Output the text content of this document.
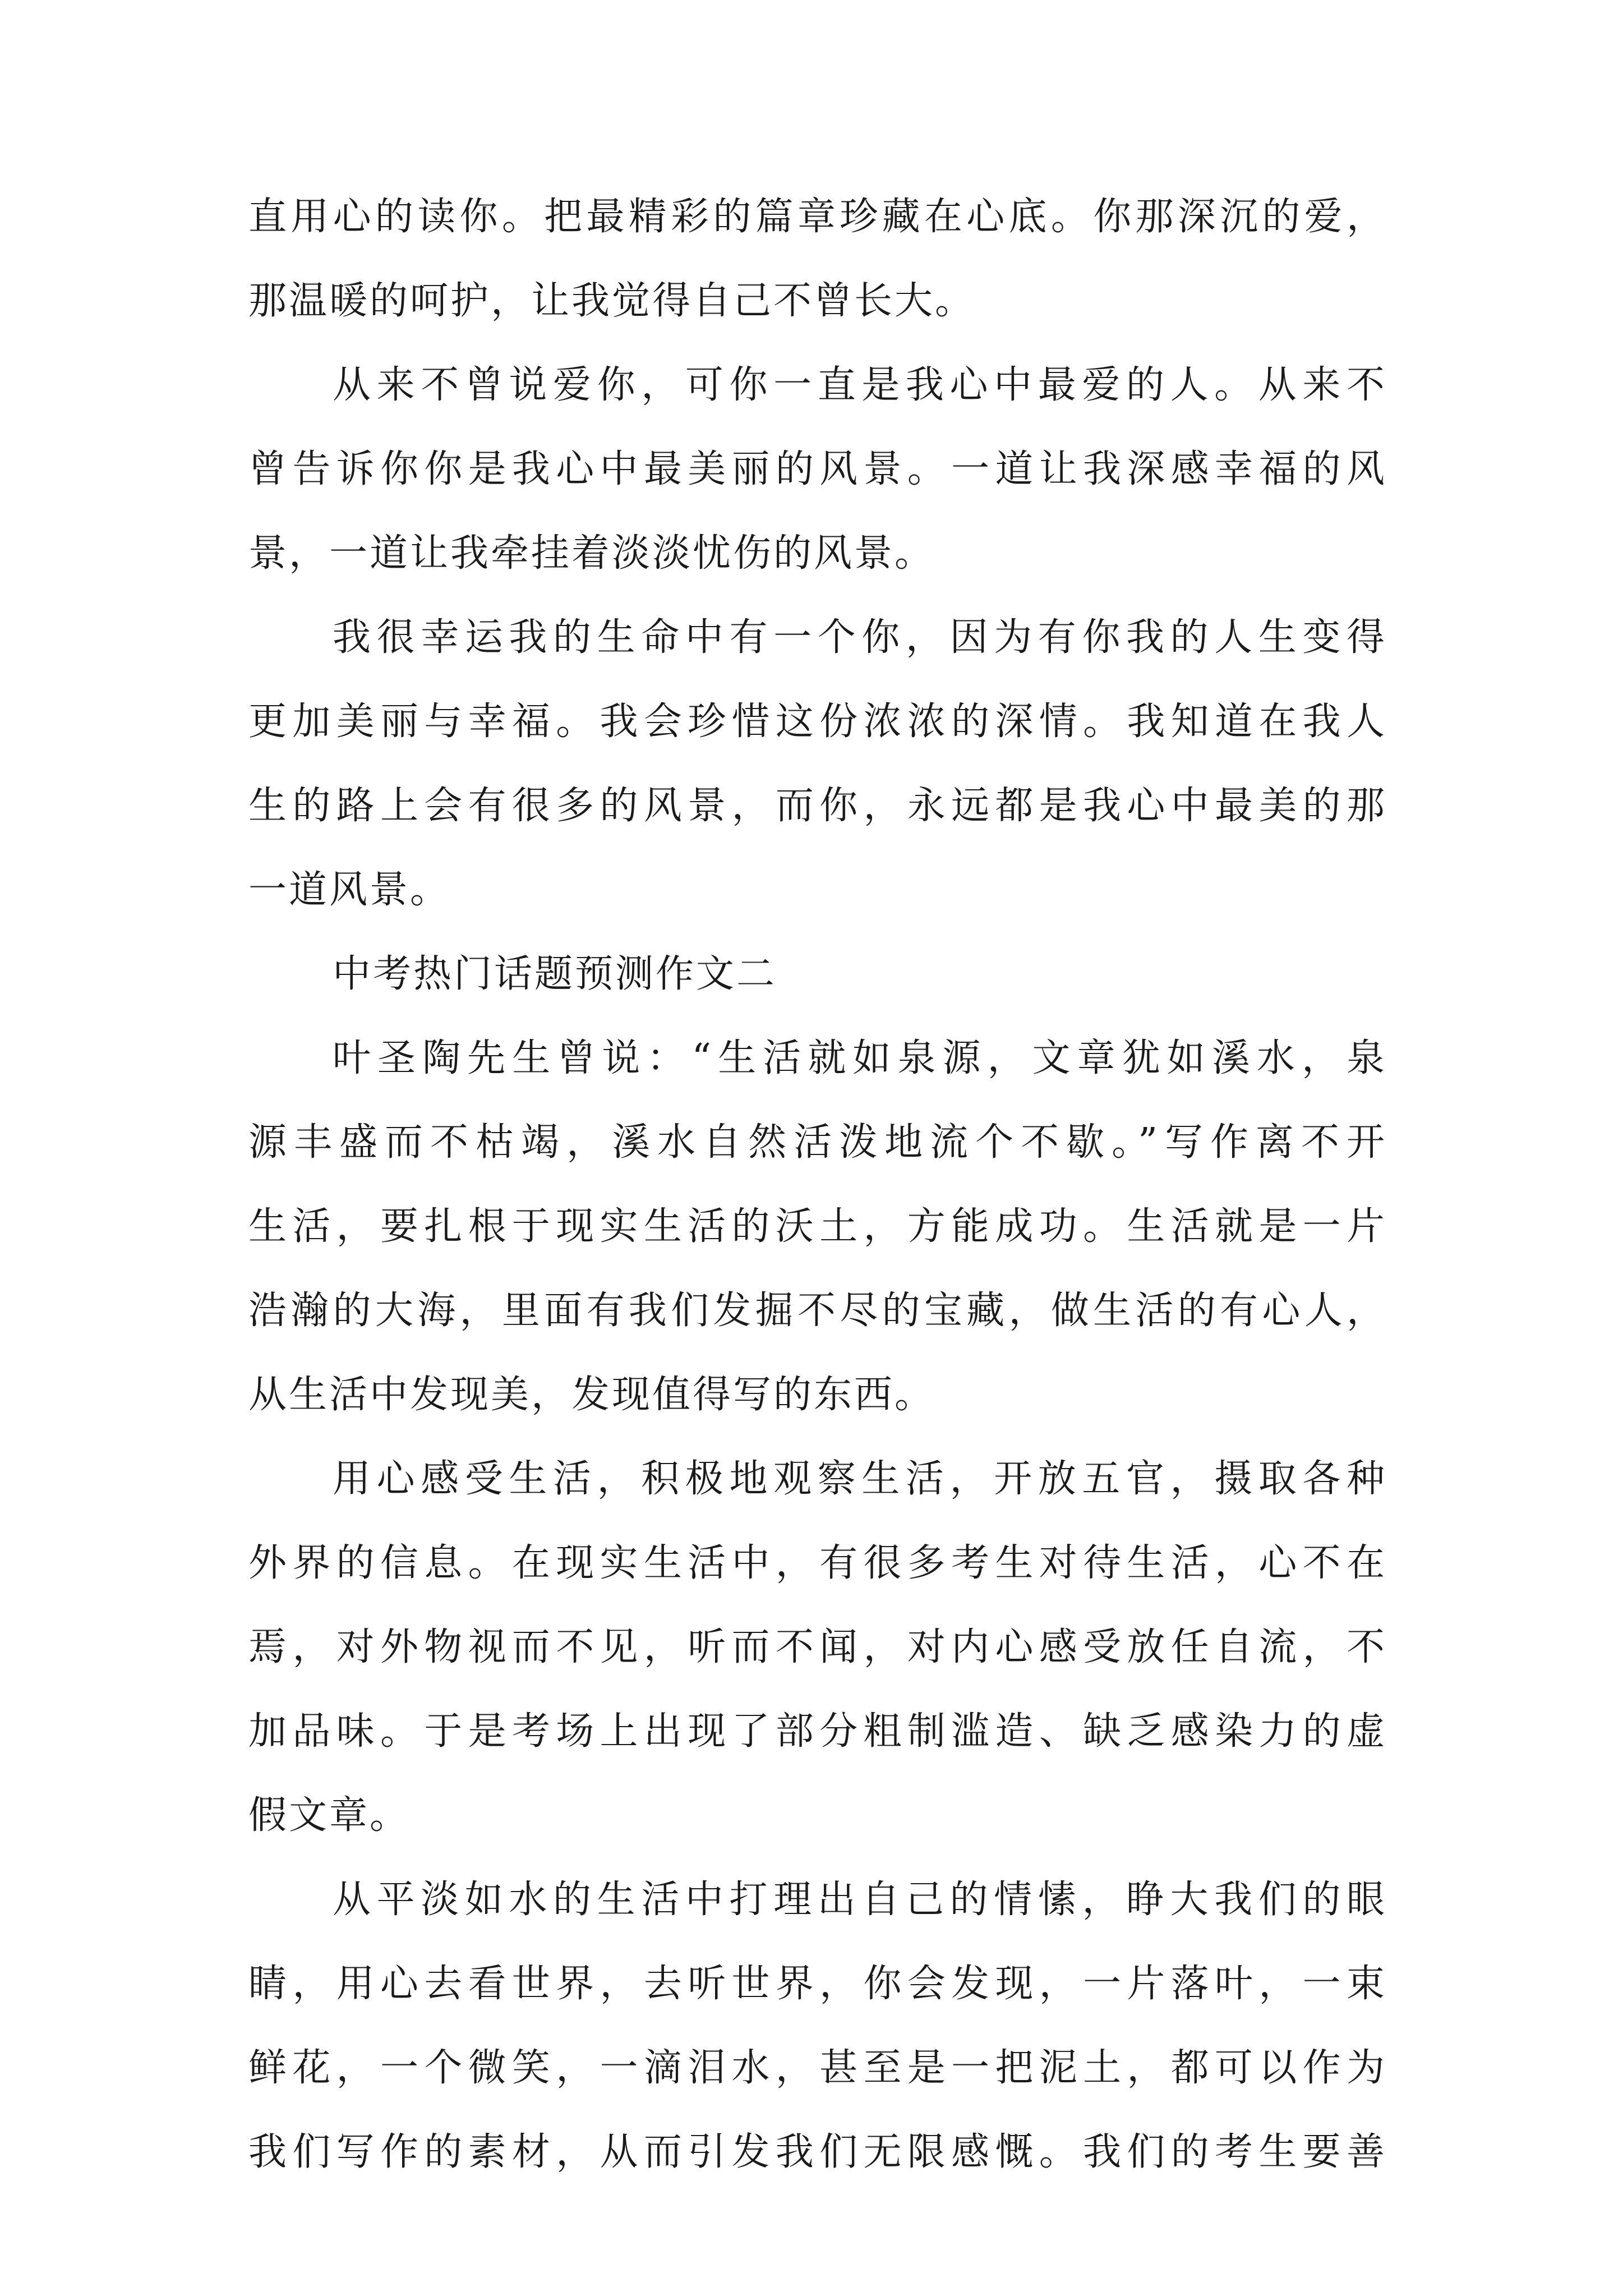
直用心的读你。把最精彩的篇章珍藏在心底。你那深沉的爱，
那温暖的呵护，让我觉得自己不曾长大。
从来不曾说爱你，可你一直是我心中最爱的人。从来不
曾告诉你你是我心中最美丽的风景。一道让我深感幸福的风
景，一道让我牵挂着淡淡忧伤的风景。
我很幸运我的生命中有一个你，因为有你我的人生变得
更加美丽与幸福。我会珍惜这份浓浓的深情。我知道在我人
生的路上会有很多的风景，而你，永远都是我心中最美的那
一道风景。
中考热门话题预测作文二
叶圣陶先生曾说：“生活就如泉源，文章犹如溪水，泉
源丰盛而不枯竭，溪水自然活泼地流个不歇。”写作离不开
生活，要扎根于现实生活的沃土，方能成功。生活就是一片
浩瀚的大海，里面有我们发掘不尽的宝藏，做生活的有心人，
从生活中发现美，发现值得写的东西。
用心感受生活，积极地观察生活，开放五官，摄取各种
外界的信息。在现实生活中，有很多考生对待生活，心不在
焉，对外物视而不见，听而不闻，对内心感受放任自流，不
加品味。于是考场上出现了部分粗制滥造、缺乏感染力的虚
假文章。
从平淡如水的生活中打理出自己的情愫，睁大我们的眼
睛，用心去看世界，去听世界，你会发现，一片落叶，一束
鲜花，一个微笑，一滴泪水，甚至是一把泥土，都可以作为
我们写作的素材，从而引发我们无限感慨。我们的考生要善
